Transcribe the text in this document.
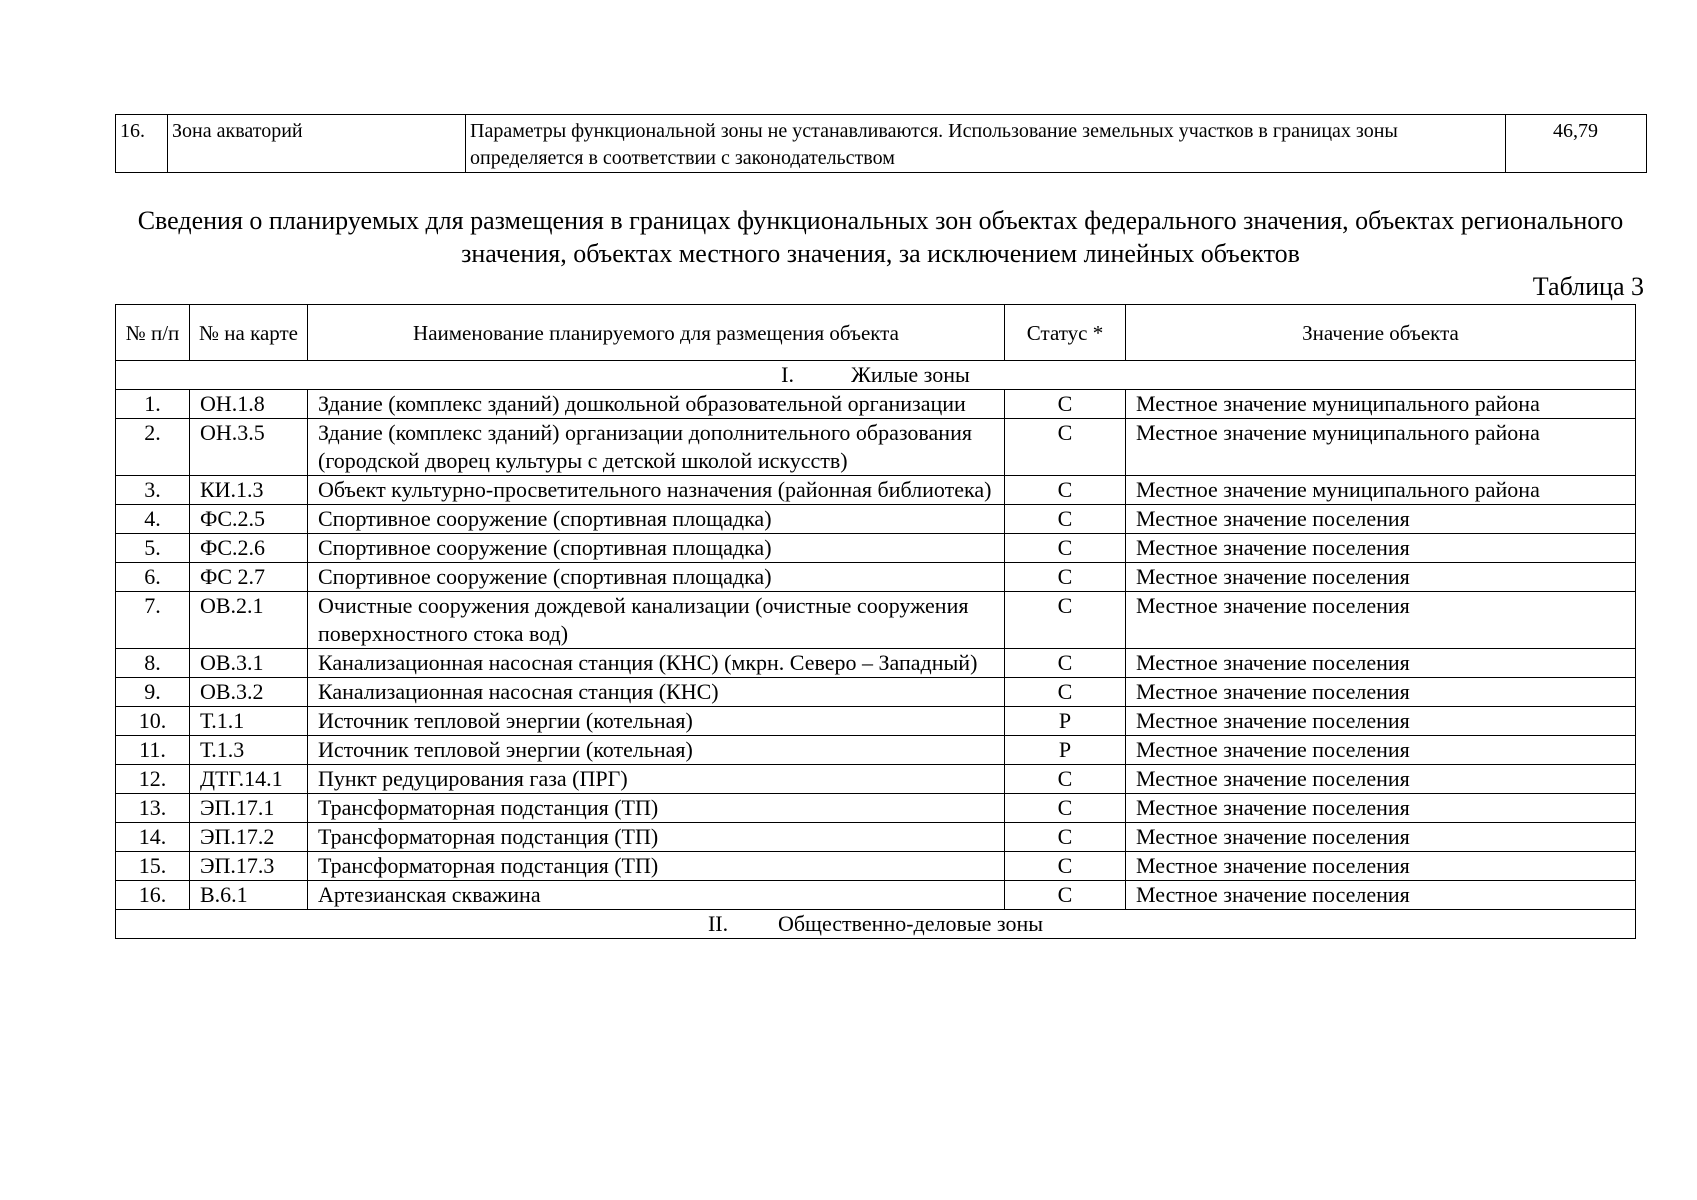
16.	Зона акваторий	Параметры функциональной зоны не устанавливаются. Использование земельных участков в границах зоны определяется в соответствии с законодательством	46,79
Сведения о планируемых для размещения в границах функциональных зон объектах федерального значения, объектах регионального значения, объектах местного значения, за исключением линейных объектов
Таблица 3
№ п/п	№ на карте	Наименование планируемого для размещения объекта	Статус *	Значение объекта
I. Жилые зоны				
1.	ОН.1.8	Здание (комплекс зданий) дошкольной образовательной организации	С	Местное значение муниципального района
2.	ОН.3.5	Здание (комплекс зданий) организации дополнительного образования (городской дворец культуры с детской школой искусств)	С	Местное значение муниципального района
3.	КИ.1.3	Объект культурно-просветительного назначения (районная библиотека)	С	Местное значение муниципального района
4.	ФС.2.5	Спортивное сооружение (спортивная площадка)	С	Местное значение поселения
5.	ФС.2.6	Спортивное сооружение (спортивная площадка)	С	Местное значение поселения
6.	ФС 2.7	Спортивное сооружение (спортивная площадка)	С	Местное значение поселения
7.	ОВ.2.1	Очистные сооружения дождевой канализации (очистные сооружения поверхностного стока вод)	С	Местное значение поселения
8.	ОВ.3.1	Канализационная насосная станция (КНС) (мкрн. Северо – Западный)	С	Местное значение поселения
9.	ОВ.3.2	Канализационная насосная станция (КНС)	С	Местное значение поселения
10.	Т.1.1	Источник тепловой энергии (котельная)	Р	Местное значение поселения
11.	Т.1.3	Источник тепловой энергии (котельная)	Р	Местное значение поселения
12.	ДТГ.14.1	Пункт редуцирования газа (ПРГ)	С	Местное значение поселения
13.	ЭП.17.1	Трансформаторная подстанция (ТП)	С	Местное значение поселения
14.	ЭП.17.2	Трансформаторная подстанция (ТП)	С	Местное значение поселения
15.	ЭП.17.3	Трансформаторная подстанция (ТП)	С	Местное значение поселения
16.	В.6.1	Артезианская скважина	С	Местное значение поселения
II. Общественно-деловые зоны				
